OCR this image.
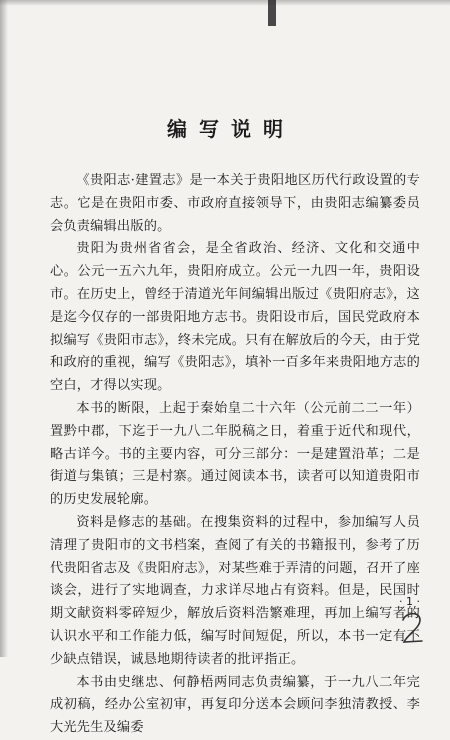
编写说明

《贵阳志·建置志》是一本关于贵阳地区历代行政设置的专志。它是在贵阳市委、市政府直接领导下，由贵阳志编纂委员会负责编辑出版的。

贵阳为贵州省省会，是全省政治、经济、文化和交通中心。公元一五六九年，贵阳府成立。公元一九四一年，贵阳设市。在历史上，曾经于清道光年间编辑出版过《贵阳府志》，这是迄今仅存的一部贵阳地方志书。贵阳设市后，国民党政府本拟编写《贵阳市志》，终未完成。只有在解放后的今天，由于党和政府的重视，编写《贵阳志》，填补一百多年来贵阳地方志的空白，才得以实现。

本书的断限，上起于秦始皇二十六年（公元前二二一年）置黔中郡，下迄于一九八二年脱稿之日，着重于近代和现代，略古详今。书的主要内容，可分三部分：一是建置沿革；二是街道与集镇；三是村寨。通过阅读本书，读者可以知道贵阳市的历史发展轮廓。

资料是修志的基础。在搜集资料的过程中，参加编写人员清理了贵阳市的文书档案，查阅了有关的书籍报刊，参考了历代贵阳省志及《贵阳府志》，对某些难于弄清的问题，召开了座谈会，进行了实地调查，力求详尽地占有资料。但是，民国时期文献资料零碎短少，解放后资料浩繁难理，再加上编写者的认识水平和工作能力低，编写时间短促，所以，本书一定有不少缺点错误，诚恳地期待读者的批评指正。

本书由史继忠、何静梧两同志负责编纂，于一九八二年完成初稿，经办公室初审，再复印分送本会顾问李独清教授、李大光先生及编委

· 1 ·
